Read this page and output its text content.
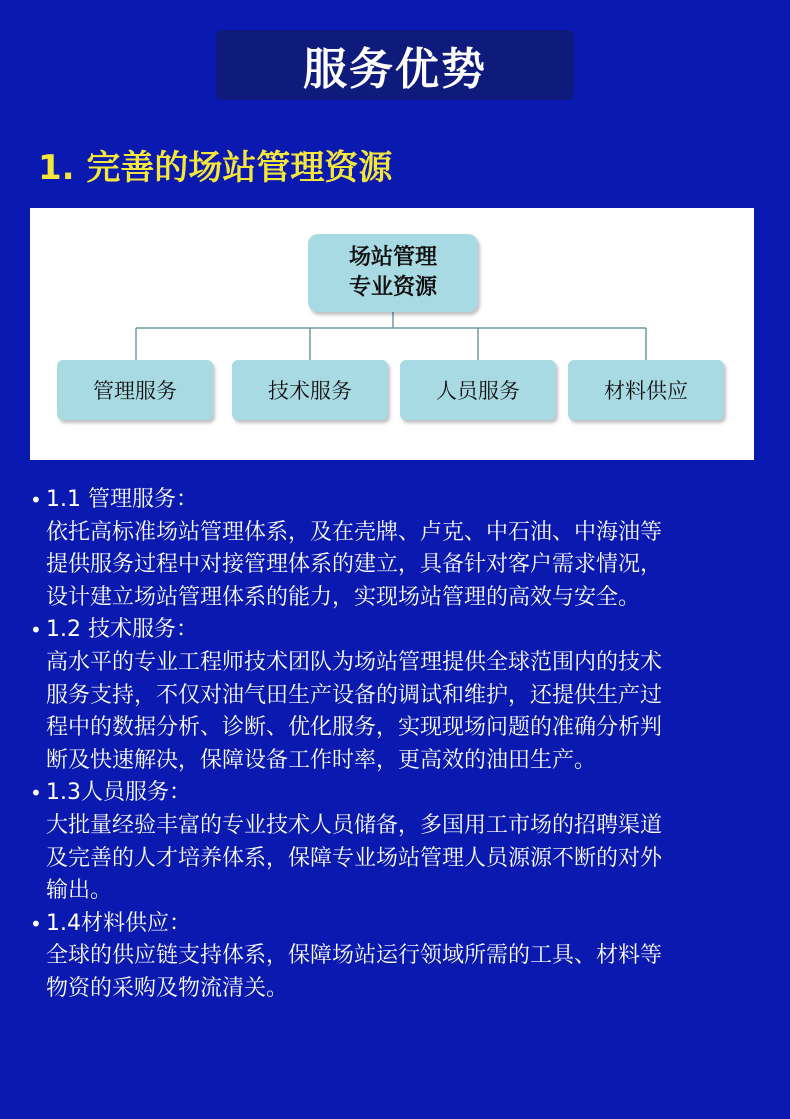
服务优势
1. 完善的场站管理资源
场站管理
专业资源
管理服务	技术服务	人员服务	材料供应
• 1.1 管理服务：
依托高标准场站管理体系，及在壳牌、卢克、中石油、中海油等
提供服务过程中对接管理体系的建立，具备针对客户需求情况，
设计建立场站管理体系的能力，实现场站管理的高效与安全。
• 1.2 技术服务：
高水平的专业工程师技术团队为场站管理提供全球范围内的技术
服务支持，不仅对油气田生产设备的调试和维护，还提供生产过
程中的数据分析、诊断、优化服务，实现现场问题的准确分析判
断及快速解决，保障设备工作时率，更高效的油田生产。
• 1.3人员服务：
大批量经验丰富的专业技术人员储备，多国用工市场的招聘渠道
及完善的人才培养体系，保障专业场站管理人员源源不断的对外
输出。
• 1.4材料供应：
全球的供应链支持体系，保障场站运行领域所需的工具、材料等
物资的采购及物流清关。
